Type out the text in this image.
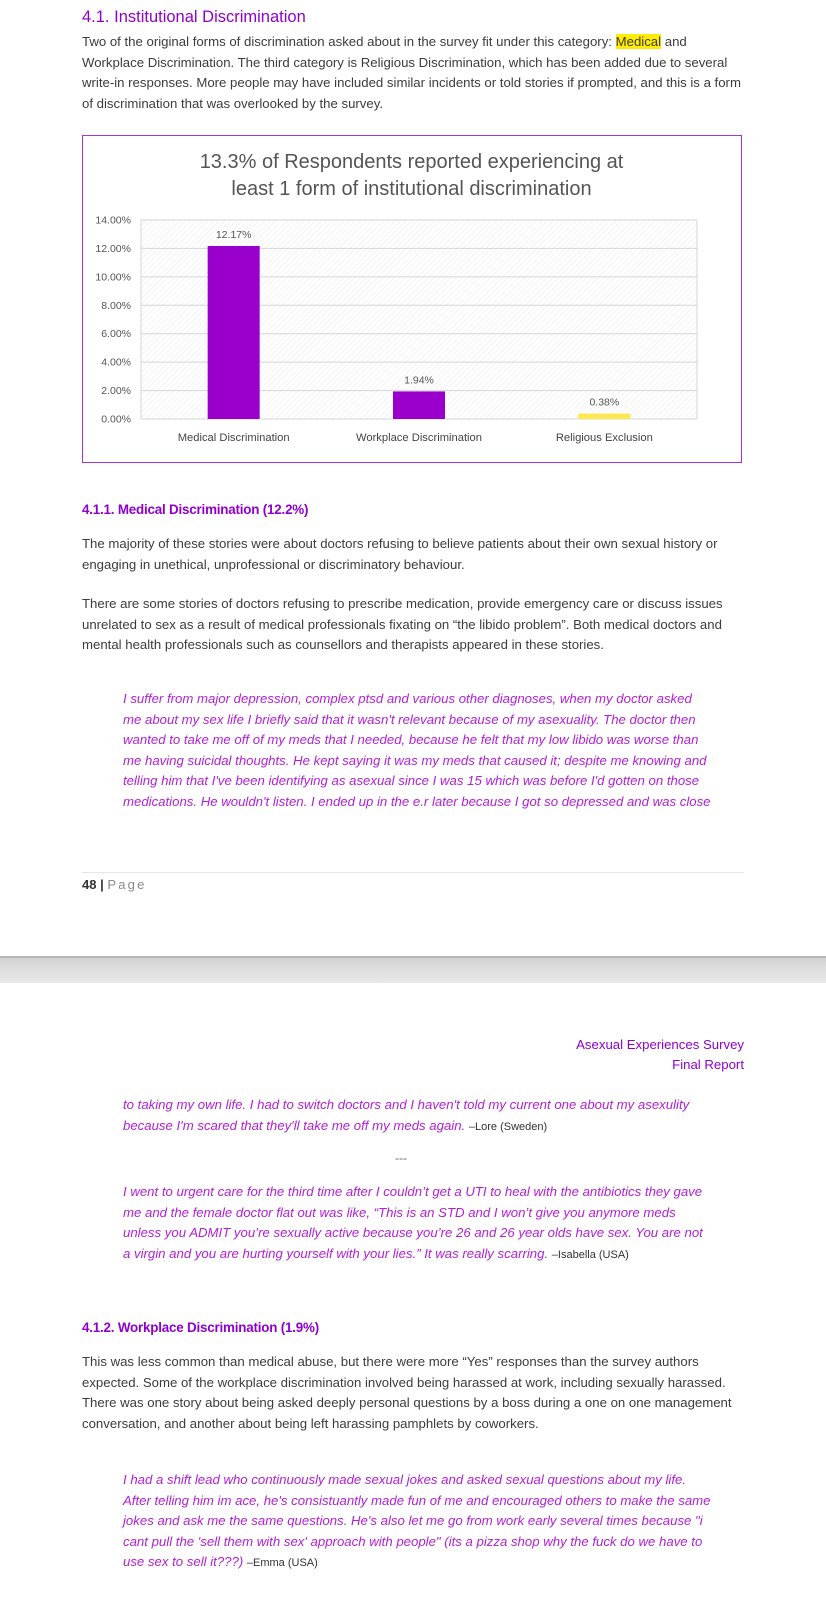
4.1. Institutional Discrimination

Two of the original forms of discrimination asked about in the survey fit under this category: Medical and Workplace Discrimination. The third category is Religious Discrimination, which has been added due to several write-in responses. More people may have included similar incidents or told stories if prompted, and this is a form of discrimination that was overlooked by the survey.

13.3% of Respondents reported experiencing at
least 1 form of institutional discrimination
0.00%
2.00%
4.00%
6.00%
8.00%
10.00%
12.00%
14.00%
12.17%
Medical Discrimination
1.94%
Workplace Discrimination
0.38%
Religious Exclusion
4.1.1. Medical Discrimination (12.2%)

The majority of these stories were about doctors refusing to believe patients about their own sexual history or engaging in unethical, unprofessional or discriminatory behaviour.

There are some stories of doctors refusing to prescribe medication, provide emergency care or discuss issues unrelated to sex as a result of medical professionals fixating on “the libido problem”. Both medical doctors and mental health professionals such as counsellors and therapists appeared in these stories.

I suffer from major depression, complex ptsd and various other diagnoses, when my doctor asked me about my sex life I briefly said that it wasn't relevant because of my asexuality. The doctor then wanted to take me off of my meds that I needed, because he felt that my low libido was worse than me having suicidal thoughts. He kept saying it was my meds that caused it; despite me knowing and telling him that I've been identifying as asexual since I was 15 which was before I'd gotten on those medications. He wouldn't listen. I ended up in the e.r later because I got so depressed and was close

48 | Page
Asexual Experiences Survey
Final Report

to taking my own life. I had to switch doctors and I haven't told my current one about my asexulity because I'm scared that they'll take me off my meds again. –Lore (Sweden)

---

I went to urgent care for the third time after I couldn’t get a UTI to heal with the antibiotics they gave me and the female doctor flat out was like, “This is an STD and I won’t give you anymore meds unless you ADMIT you’re sexually active because you’re 26 and 26 year olds have sex. You are not a virgin and you are hurting yourself with your lies.” It was really scarring. –Isabella (USA)

4.1.2. Workplace Discrimination (1.9%)

This was less common than medical abuse, but there were more “Yes” responses than the survey authors expected. Some of the workplace discrimination involved being harassed at work, including sexually harassed. There was one story about being asked deeply personal questions by a boss during a one on one management conversation, and another about being left harassing pamphlets by coworkers.

I had a shift lead who continuously made sexual jokes and asked sexual questions about my life. After telling him im ace, he's consistuantly made fun of me and encouraged others to make the same jokes and ask me the same questions. He's also let me go from work early several times because "i cant pull the 'sell them with sex' approach with people" (its a pizza shop why the fuck do we have to use sex to sell it???) –Emma (USA)
